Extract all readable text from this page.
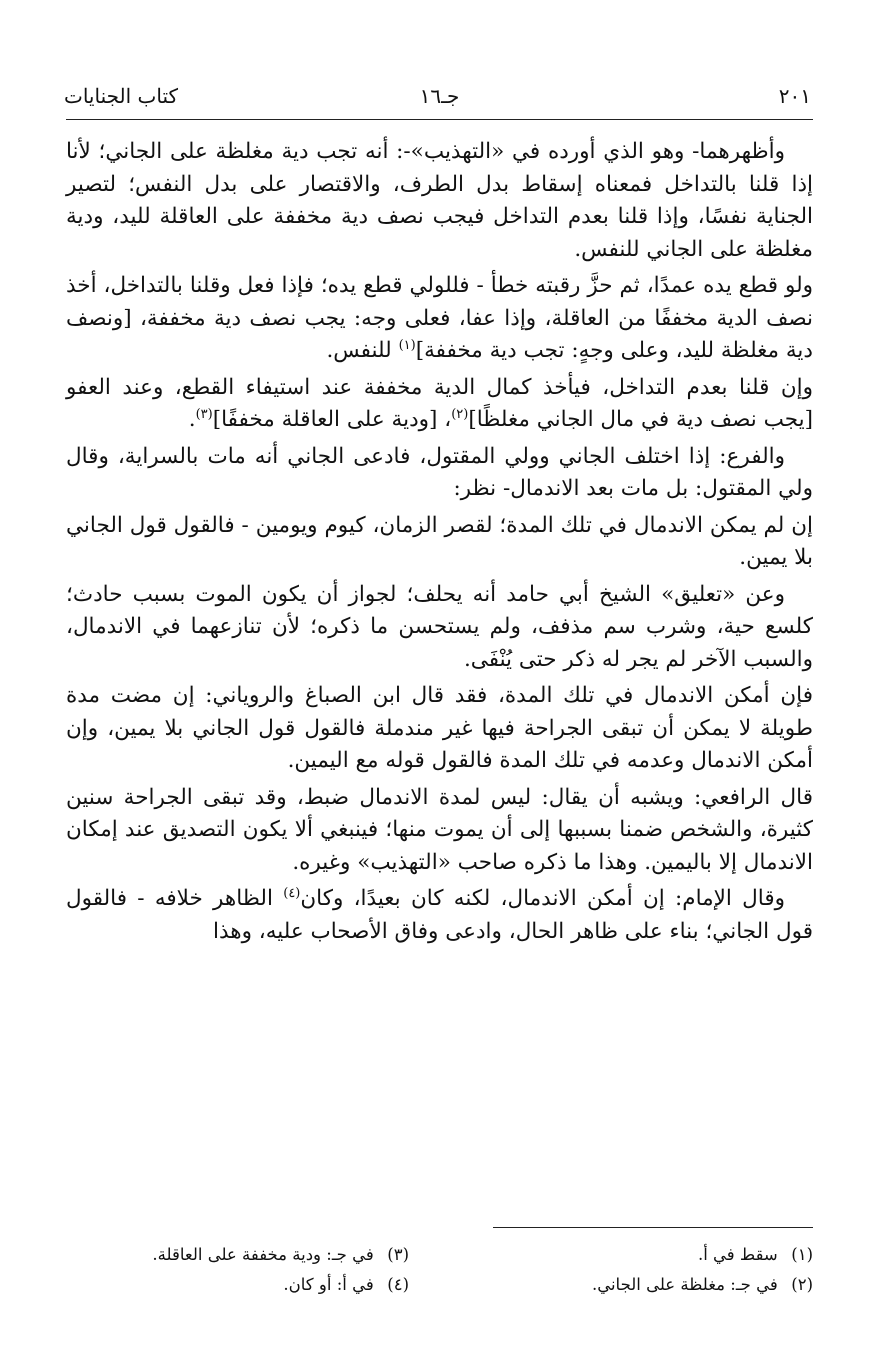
٢٠١
جـ١٦
كتاب الجنايات

وأظهرهما- وهو الذي أورده في «التهذيب»-: أنه تجب دية مغلظة على الجاني؛ لأنا إذا قلنا بالتداخل فمعناه إسقاط بدل الطرف، والاقتصار على بدل النفس؛ لتصير الجناية نفسًا، وإذا قلنا بعدم التداخل فيجب نصف دية مخففة على العاقلة لليد، ودية مغلظة على الجاني للنفس.

ولو قطع يده عمدًا، ثم حزَّ رقبته خطأ - فللولي قطع يده؛ فإذا فعل وقلنا بالتداخل، أخذ نصف الدية مخففًا من العاقلة، وإذا عفا، فعلى وجه: يجب نصف دية مخففة، [ونصف دية مغلظة لليد، وعلى وجهٍ: تجب دية مخففة]$^{(١)}$ للنفس.

وإن قلنا بعدم التداخل، فيأخذ كمال الدية مخففة عند استيفاء القطع، وعند العفو [يجب نصف دية في مال الجاني مغلظًا]$^{(٢)}$، [ودية على العاقلة مخففًا]$^{(٣)}$.

والفرع: إذا اختلف الجاني وولي المقتول، فادعى الجاني أنه مات بالسراية، وقال ولي المقتول: بل مات بعد الاندمال- نظر:

إن لم يمكن الاندمال في تلك المدة؛ لقصر الزمان، كيوم ويومين - فالقول قول الجاني بلا يمين.

وعن «تعليق» الشيخ أبي حامد أنه يحلف؛ لجواز أن يكون الموت بسبب حادث؛ كلسع حية، وشرب سم مذفف، ولم يستحسن ما ذكره؛ لأن تنازعهما في الاندمال، والسبب الآخر لم يجر له ذكر حتى يُنْفَى.

فإن أمكن الاندمال في تلك المدة، فقد قال ابن الصباغ والروياني: إن مضت مدة طويلة لا يمكن أن تبقى الجراحة فيها غير مندملة فالقول قول الجاني بلا يمين، وإن أمكن الاندمال وعدمه في تلك المدة فالقول قوله مع اليمين.

قال الرافعي: ويشبه أن يقال: ليس لمدة الاندمال ضبط، وقد تبقى الجراحة سنين كثيرة، والشخص ضمنا بسببها إلى أن يموت منها؛ فينبغي ألا يكون التصديق عند إمكان الاندمال إلا باليمين. وهذا ما ذكره صاحب «التهذيب» وغيره.

وقال الإمام: إن أمكن الاندمال، لكنه كان بعيدًا، وكان$^{(٤)}$ الظاهر خلافه - فالقول قول الجاني؛ بناء على ظاهر الحال، وادعى وفاق الأصحاب عليه، وهذا

(١) سقط في أ.
(٢) في جـ: مغلظة على الجاني.
(٣) في جـ: ودية مخففة على العاقلة.
(٤) في أ: أو كان.
